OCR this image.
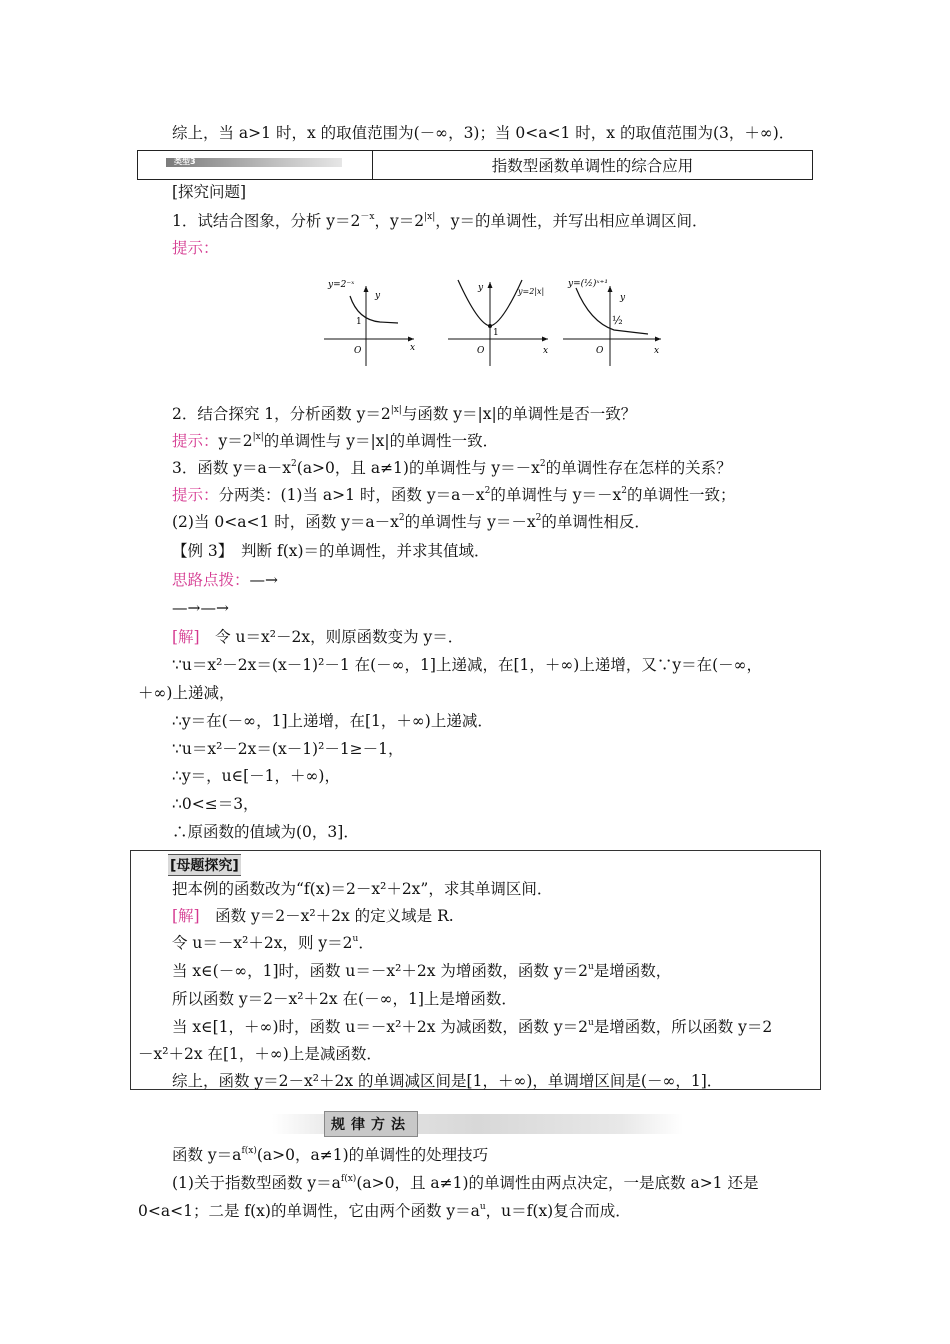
综上，当 a>1 时，x 的取值范围为(－∞，3)；当 0<a<1 时，x 的取值范围为(3，＋∞)．
类型3	指数型函数单调性的综合应用
[探究问题]
1．试结合图象，分析 $y=2^{-x}$，$y=2^{|x|}$，y＝的单调性，并写出相应单调区间．
提示：
y=2⁻ˣ
y
1
O	x
y=2|x|
y
1
O	x
y=(½)ˣ⁺¹
y
½
O	x
2．结合探究 1，分析函数 $y=2^{|x|}$与函数 y＝|x|的单调性是否一致？
提示：$y=2^{|x|}$的单调性与 y＝|x|的单调性一致．
3．函数 $y=a-x^2(a>0$，且 a≠1)的单调性与 $y=-x^2$的单调性存在怎样的关系？
提示：分两类：(1)当 a>1 时，函数 $y=a-x^2$的单调性与 $y=-x^2$的单调性一致；
(2)当 0<a<1 时，函数 $y=a-x^2$的单调性与 $y=-x^2$的单调性相反．
【例 3】　判断 f(x)＝的单调性，并求其值域．
思路点拨：—→
—→—→
[解]　令 u＝x²－2x，则原函数变为 y＝．
∵u＝x²－2x＝(x－1)²－1 在(－∞，1]上递减，在[1，＋∞)上递增，又∵y＝在(－∞，
＋∞)上递减，
∴y＝在(－∞，1]上递增，在[1，＋∞)上递减．
∵u＝x²－2x＝(x－1)²－1≥－1，
∴y＝，u∈[－1，＋∞)，
∴0<≤＝3，
∴原函数的值域为(0，3]．
[母题探究]
把本例的函数改为“f(x)＝2－x²＋2x”，求其单调区间．
[解]　函数 y＝2－x²＋2x 的定义域是 R.
令 u＝－x²＋2x，则 $y=2^u$．
当 x∈(－∞，1]时，函数 u＝－x²＋2x 为增函数，函数 $y=2^u$是增函数，
所以函数 y＝2－x²＋2x 在(－∞，1]上是增函数．
当 x∈[1，＋∞)时，函数 u＝－x²＋2x 为减函数，函数 $y=2^u$是增函数，所以函数 y＝2
－x²＋2x 在[1，＋∞)上是减函数．
综上，函数 y＝2－x²＋2x 的单调减区间是[1，＋∞)，单调增区间是(－∞，1]．
规律方法
函数 $y=a^{f(x)}(a>0$，a≠1)的单调性的处理技巧
(1)关于指数型函数 $y=a^{f(x)}(a>0$，且 a≠1)的单调性由两点决定，一是底数 a>1 还是
0<a<1；二是 f(x)的单调性，它由两个函数 $y=a^u$，u＝f(x)复合而成．
